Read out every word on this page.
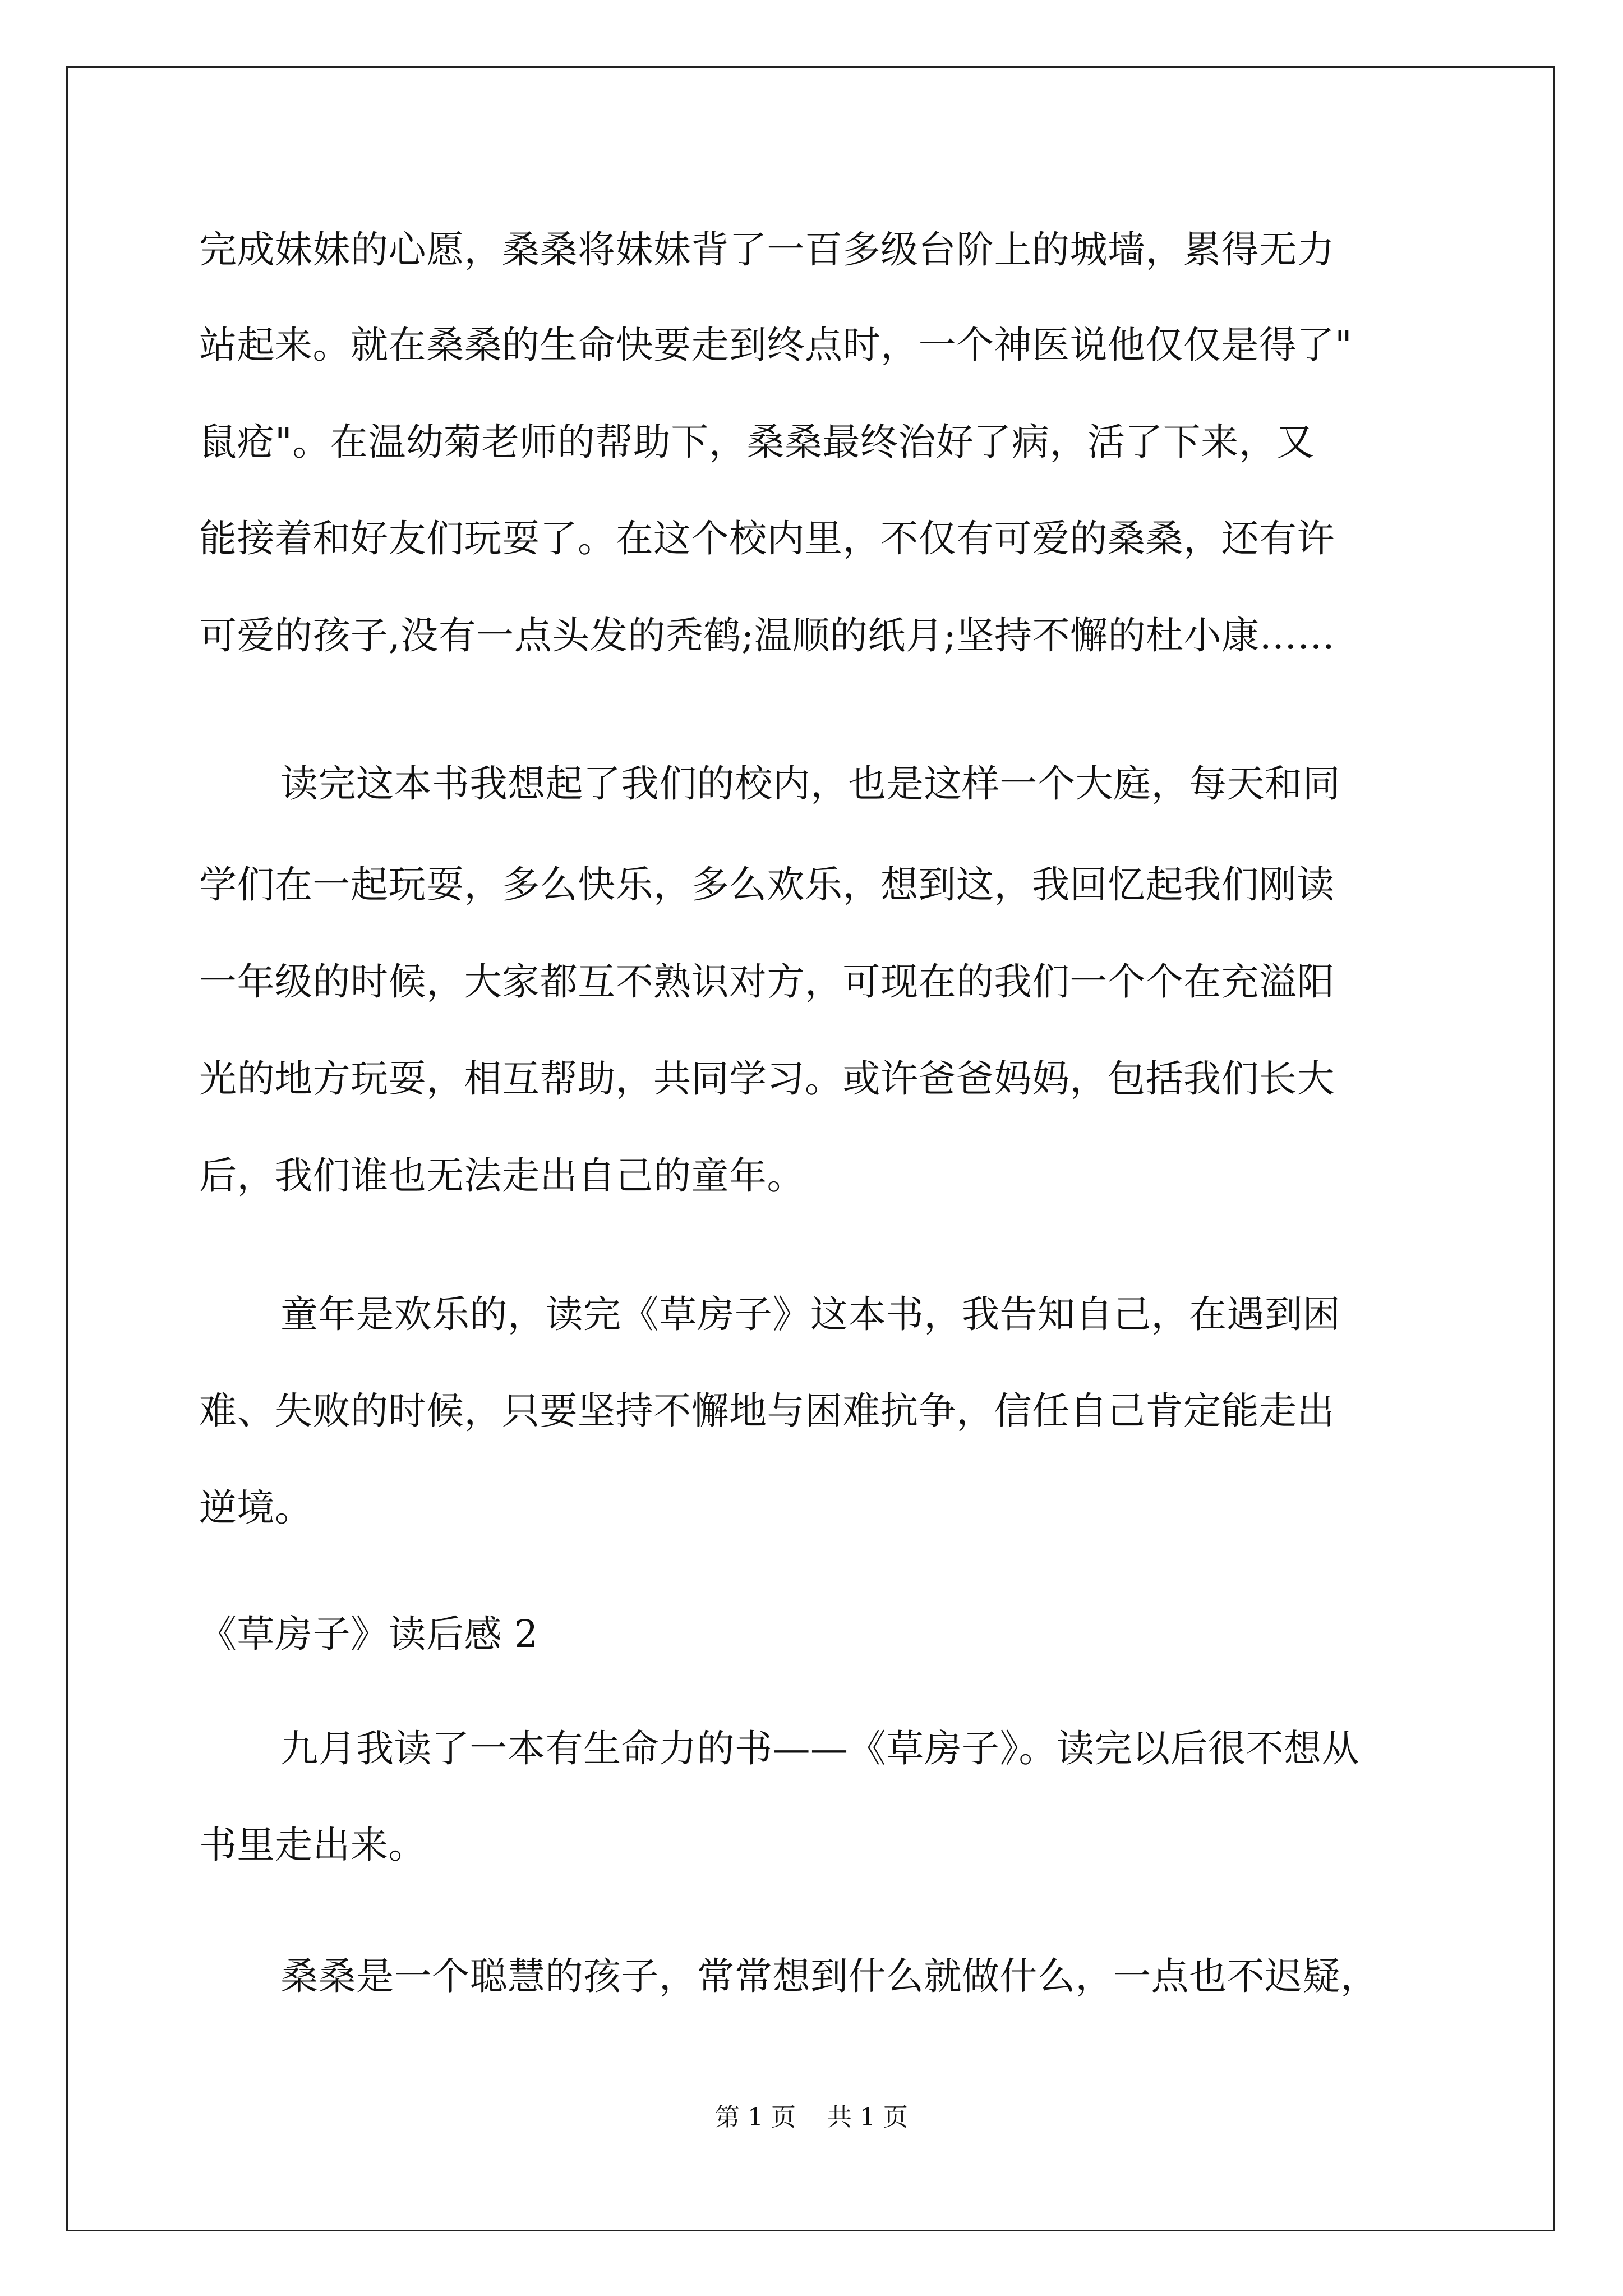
完成妹妹的心愿，桑桑将妹妹背了一百多级台阶上的城墙，累得无力
站起来。就在桑桑的生命快要走到终点时，一个神医说他仅仅是得了"
鼠疮"。在温幼菊老师的帮助下，桑桑最终治好了病，活了下来，又
能接着和好友们玩耍了。在这个校内里，不仅有可爱的桑桑，还有许
可爱的孩子,没有一点头发的秃鹤;温顺的纸月;坚持不懈的杜小康……
读完这本书我想起了我们的校内，也是这样一个大庭，每天和同
学们在一起玩耍，多么快乐，多么欢乐，想到这，我回忆起我们刚读
一年级的时候，大家都互不熟识对方，可现在的我们一个个在充溢阳
光的地方玩耍，相互帮助，共同学习。或许爸爸妈妈，包括我们长大
后，我们谁也无法走出自己的童年。
童年是欢乐的，读完《草房子》这本书，我告知自己，在遇到困
难、失败的时候，只要坚持不懈地与困难抗争，信任自己肯定能走出
逆境。
《草房子》读后感 2
九月我读了一本有生命力的书——《草房子》。读完以后很不想从
书里走出来。
桑桑是一个聪慧的孩子，常常想到什么就做什么，一点也不迟疑，
第 1 页    共 1 页
